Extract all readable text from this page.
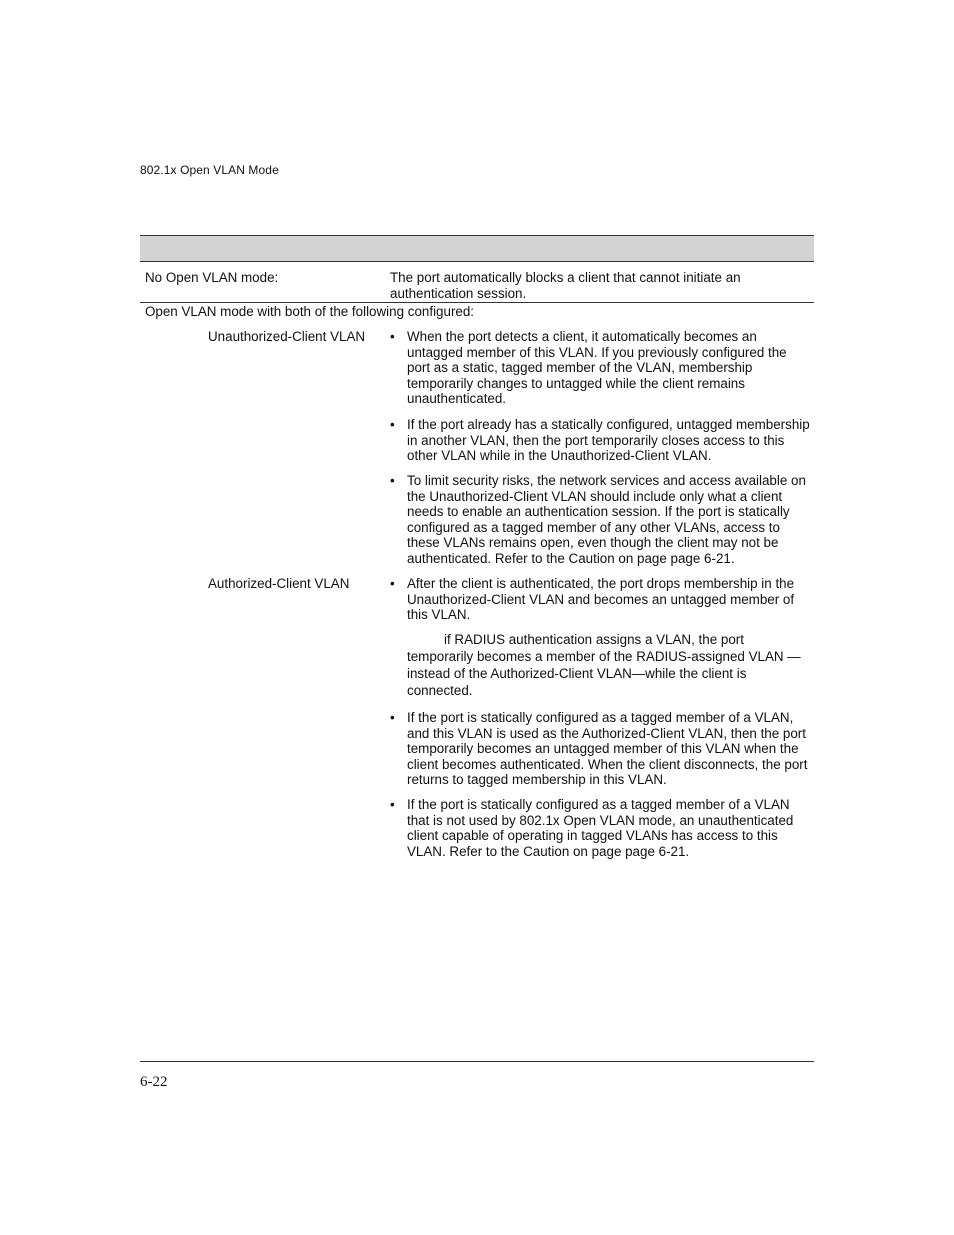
802.1x Open VLAN Mode
No Open VLAN mode:	The port automatically blocks a client that cannot initiate an authentication session.
Open VLAN mode with both of the following configured:
Unauthorized-Client VLAN • When the port detects a client, it automatically becomes an untagged member of this VLAN. If you previously configured the port as a static, tagged member of the VLAN, membership temporarily changes to untagged while the client remains unauthenticated.
• If the port already has a statically configured, untagged membership in another VLAN, then the port temporarily closes access to this other VLAN while in the Unauthorized-Client VLAN.
• To limit security risks, the network services and access available on the Unauthorized-Client VLAN should include only what a client needs to enable an authentication session. If the port is statically configured as a tagged member of any other VLANs, access to these VLANs remains open, even though the client may not be authenticated. Refer to the Caution on page page 6-21.
Authorized-Client VLAN	• After the client is authenticated, the port drops membership in the Unauthorized-Client VLAN and becomes an untagged member of this VLAN.
if RADIUS authentication assigns a VLAN, the port temporarily becomes a member of the RADIUS-assigned VLAN — instead of the Authorized-Client VLAN—while the client is connected.
• If the port is statically configured as a tagged member of a VLAN, and this VLAN is used as the Authorized-Client VLAN, then the port temporarily becomes an untagged member of this VLAN when the client becomes authenticated. When the client disconnects, the port returns to tagged membership in this VLAN.
• If the port is statically configured as a tagged member of a VLAN that is not used by 802.1x Open VLAN mode, an unauthenticated client capable of operating in tagged VLANs has access to this VLAN. Refer to the Caution on page page 6-21.
6-22
